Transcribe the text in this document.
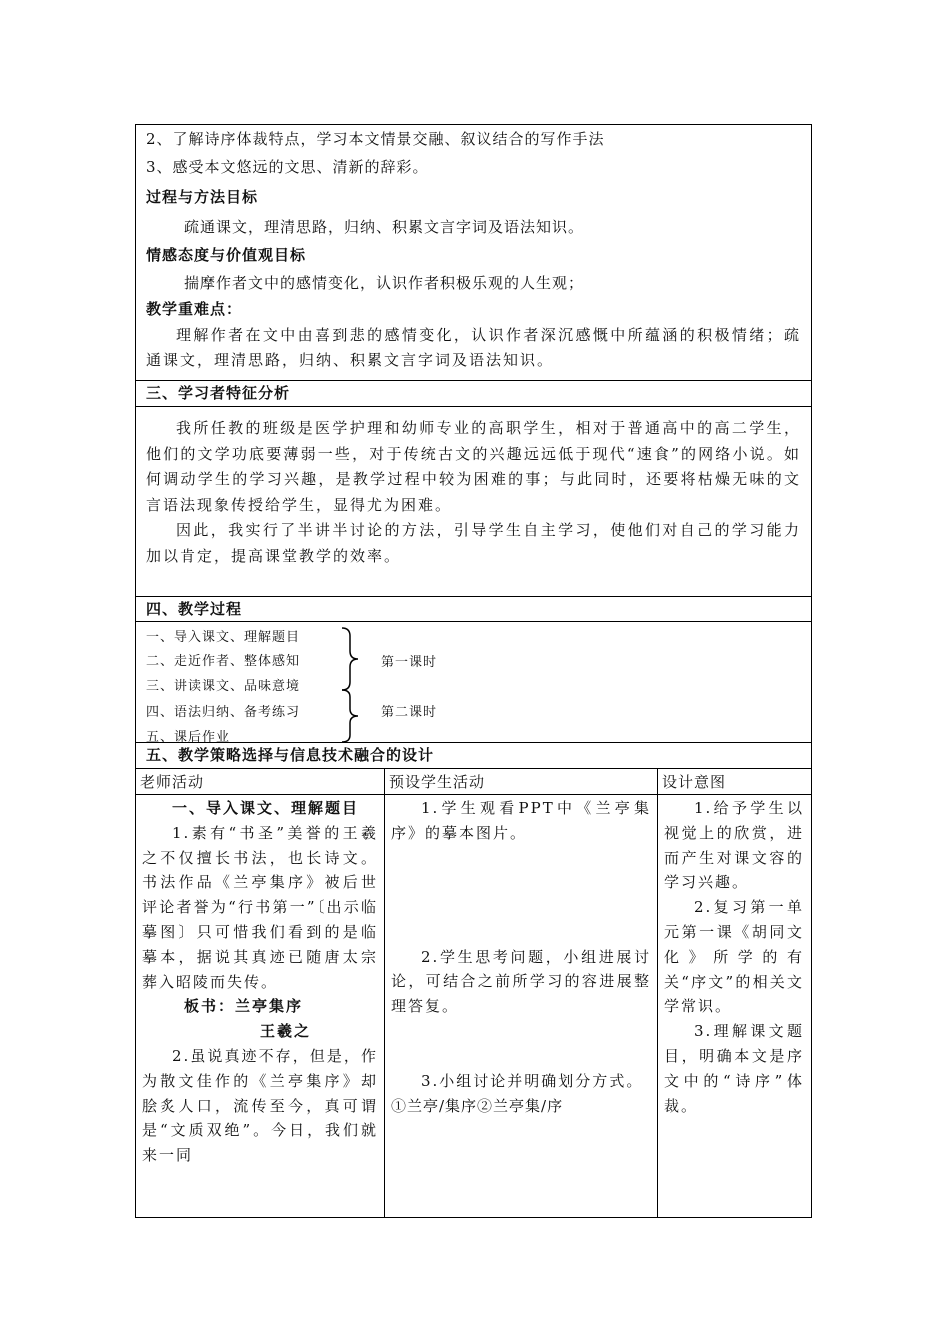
2、了解诗序体裁特点，学习本文情景交融、叙议结合的写作手法
3、感受本文悠远的文思、清新的辞彩。
过程与方法目标
疏通课文，理清思路，归纳、积累文言字词及语法知识。
情感态度与价值观目标
揣摩作者文中的感情变化，认识作者积极乐观的人生观；
教学重难点：
理解作者在文中由喜到悲的感情变化，认识作者深沉感慨中所蕴涵的积极情绪；疏通课文，理清思路，归纳、积累文言字词及语法知识。
三、学习者特征分析
我所任教的班级是医学护理和幼师专业的高职学生，相对于普通高中的高二学生，他们的文学功底要薄弱一些，对于传统古文的兴趣远远低于现代“速食”的网络小说。如何调动学生的学习兴趣，是教学过程中较为困难的事；与此同时，还要将枯燥无味的文言语法现象传授给学生，显得尤为困难。
因此，我实行了半讲半讨论的方法，引导学生自主学习，使他们对自己的学习能力加以肯定，提高课堂教学的效率。
四、教学过程
一、导入课文、理解题目
二、走近作者、整体感知
三、讲读课文、品味意境
四、语法归纳、备考练习
五、课后作业
第一课时
第二课时
五、教学策略选择与信息技术融合的设计
老师活动	预设学生活动	设计意图
一、导入课文、理解题目
1.素有“书圣”美誉的王羲之不仅擅长书法，也长诗文。书法作品《兰亭集序》被后世评论者誉为“行书第一”〔出示临摹图〕只可惜我们看到的是临摹本，据说其真迹已随唐太宗葬入昭陵而失传。
板书：兰亭集序
王羲之
2.虽说真迹不存，但是，作为散文佳作的《兰亭集序》却脍炙人口，流传至今，真可谓是“文质双绝”。今日，我们就来一同
1.学生观看PPT中《兰亭集序》的摹本图片。
2.学生思考问题，小组进展讨论，可结合之前所学习的容进展整理答复。
3.小组讨论并明确划分方式。
①兰亭/集序②兰亭集/序
1.给予学生以视觉上的欣赏，进而产生对课文容的学习兴趣。
2.复习第一单元第一课《胡同文化》所学的有关“序文”的相关文学常识。
3.理解课文题目，明确本文是序文中的“诗序”体裁。
